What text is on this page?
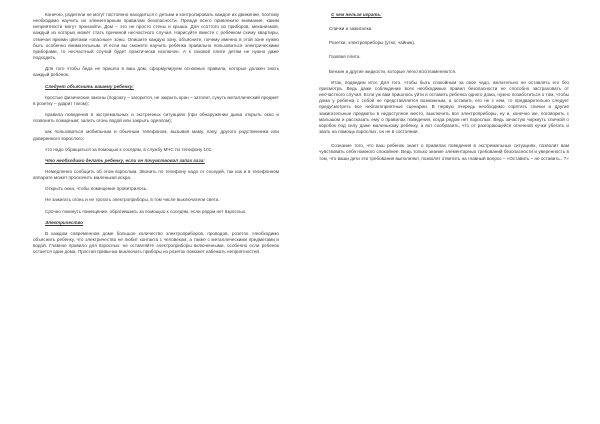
Конечно, родители не могут постоянно находиться с детьми и контролировать каждое их движение, поэтому необходимо научить их элементарным правилам безопасности. Прежде всего привлеките внимание, каким неприятности могут произойти. Дом – это не просто стены и крыша. Для ссоттого из приборов, механизмов, каждый из которых может стать причиной несчастного случая. Нарисуйте вместе с ребёнком схему квартиры, отмечая яркими цветами «опасные» зоны. Опишите каждую зону, объясните, почему именно в этой зоне нужно быть особенно внимательным. И если вы сможете научить ребёнка правильно пользоваться электрическими приборами, то несчастный случай будет практически исключен. А к газовой плите детям не нужно даже подходить.

Для того чтобы беда не пришла в ваш дом, сформулируем основные правила, которые должен знать каждый ребенок.

Следует объяснить вашему ребенку:

простые физические законы (подожгу – загорится, не закрыть кран – затопит, сунуть металлический предмет в розетку – ударит током);

правила поведения в экстремальных и экстренных ситуациях (при обнаружении дыма открыть окно и позвонить пожарным; залить огонь водой или закрыть одеялом);

как пользоваться мобильным и обычным телефоном, вызывая маму, папу, другого родственника или доверенного взрослого;

что надо обращаться за помощью к соседям, в службу МЧС по телефону 101.

Что необходимо делать ребенку, если он почувствовал запах газа:

Немедленно сообщить об этом взрослым. Звонить по телефону надо от соседей, так как и в телефонном аппарате может проскочить маленькая искра.

Открыть окна, чтобы помещение проветрилось.

Не зажигать огонь и не трогать электроприборы, в том числе выключатели света.

Срочно покинуть помещение, обратившись за помощью к соседям, если рядом нет взрослых.

Электричество

В каждом современном доме большое количество электроприборов, проводов, розеток. Необходимо объяснить ребенку, что электричество не любит контакта с человеком, а также с металлическими предметами и водой. Главное правило для взрослых: не оставляйте электроприборы включенными, особенно если ребенок остается один дома. Простая привычка выключать приборы из розеток поможет избежать неприятностей.

С чем нельзя играть:

Спички и зажигалки.

Розетки, электроприборы (утюг, чайник).

Газовая плита.

Бензин и другие жидкости, которые легко воспламеняются.

Итак, подведем итог. Для того, чтобы быть спокойным за свое чадо, желательно не оставлять его без присмотра. Ведь даже соблюдение всех необходимых правил безопасности не способно застраховать от несчастного случая. Если уж вам пришлось уйти и оставить ребенка одного дома, нужно позаботиться о том, чтобы дома у ребенка с собой не представляется возможным, а оставить его не с кем, то предварительно следует предусмотреть все неблагоприятные сценарии. В первую очередь необходимо спрятать спички и другие зажигательные предметы в недоступное место, выключить все электроприборы, ну и, конечно же, поговорить с малышом и рассказать ему о правилах поведения, когда рядом нет взрослых. Ведь зачастую чиркнуть спичкой о коробок под силу даже маленькому ребёнку, а вот сообразить, что от разгорающейся огненной кучки убегать и звать на помощь взрослых, он не в состоянии.

Сознание того, что ваш ребенок знает о правилах поведения в экстремальных ситуациях, позволит вам чувствовать себя намного спокойнее. Ведь только знание элементарных требований безопасности и уверенность в том, что ваши дети эти требования выполняют, позволят ответить на главный вопрос – «Оставить – не оставить...?»
